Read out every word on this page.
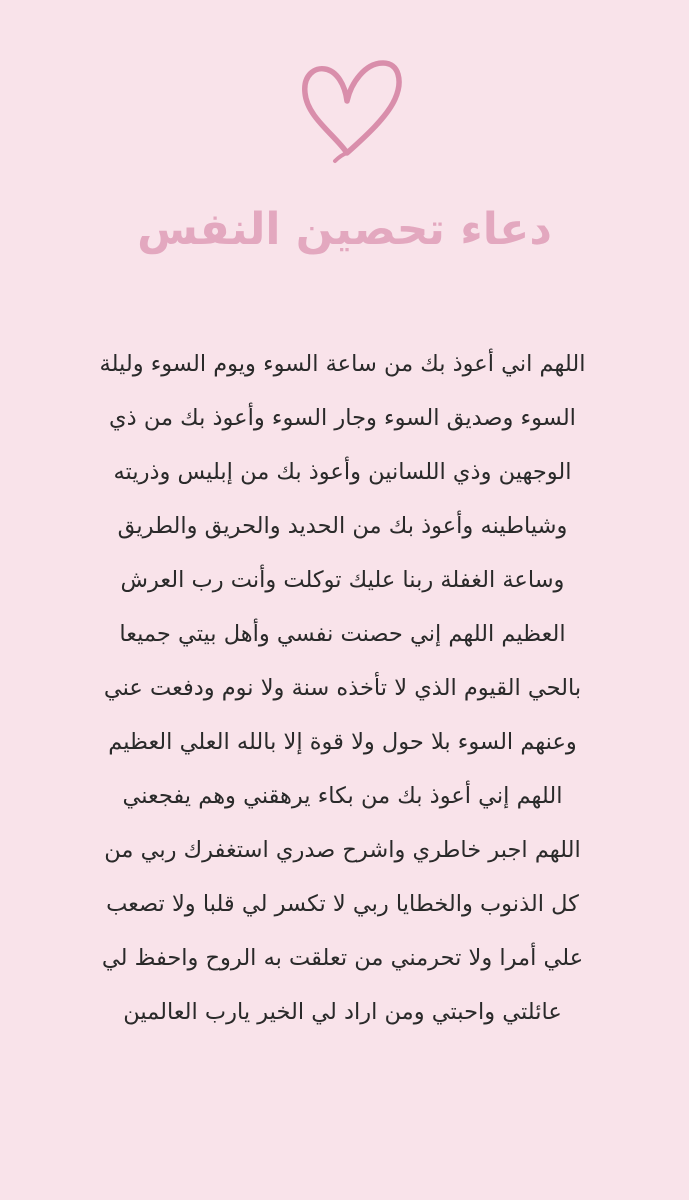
دعاء تحصين النفس
اللهم اني أعوذ بك من ساعة السوء ويوم السوء وليلة
السوء وصديق السوء وجار السوء وأعوذ بك من ذي
الوجهين وذي اللسانين وأعوذ بك من إبليس وذريته
وشياطينه وأعوذ بك من الحديد والحريق والطريق
وساعة الغفلة ربنا عليك توكلت وأنت رب العرش
العظيم اللهم إني حصنت نفسي وأهل بيتي جميعا
بالحي القيوم الذي لا تأخذه سنة ولا نوم ودفعت عني
وعنهم السوء بلا حول ولا قوة إلا بالله العلي العظيم
اللهم إني أعوذ بك من بكاء يرهقني وهم يفجعني
اللهم اجبر خاطري واشرح صدري استغفرك ربي من
كل الذنوب والخطايا ربي لا تكسر لي قلبا ولا تصعب
علي أمرا ولا تحرمني من تعلقت به الروح واحفظ لي
عائلتي واحبتي ومن اراد لي الخير يارب العالمين
